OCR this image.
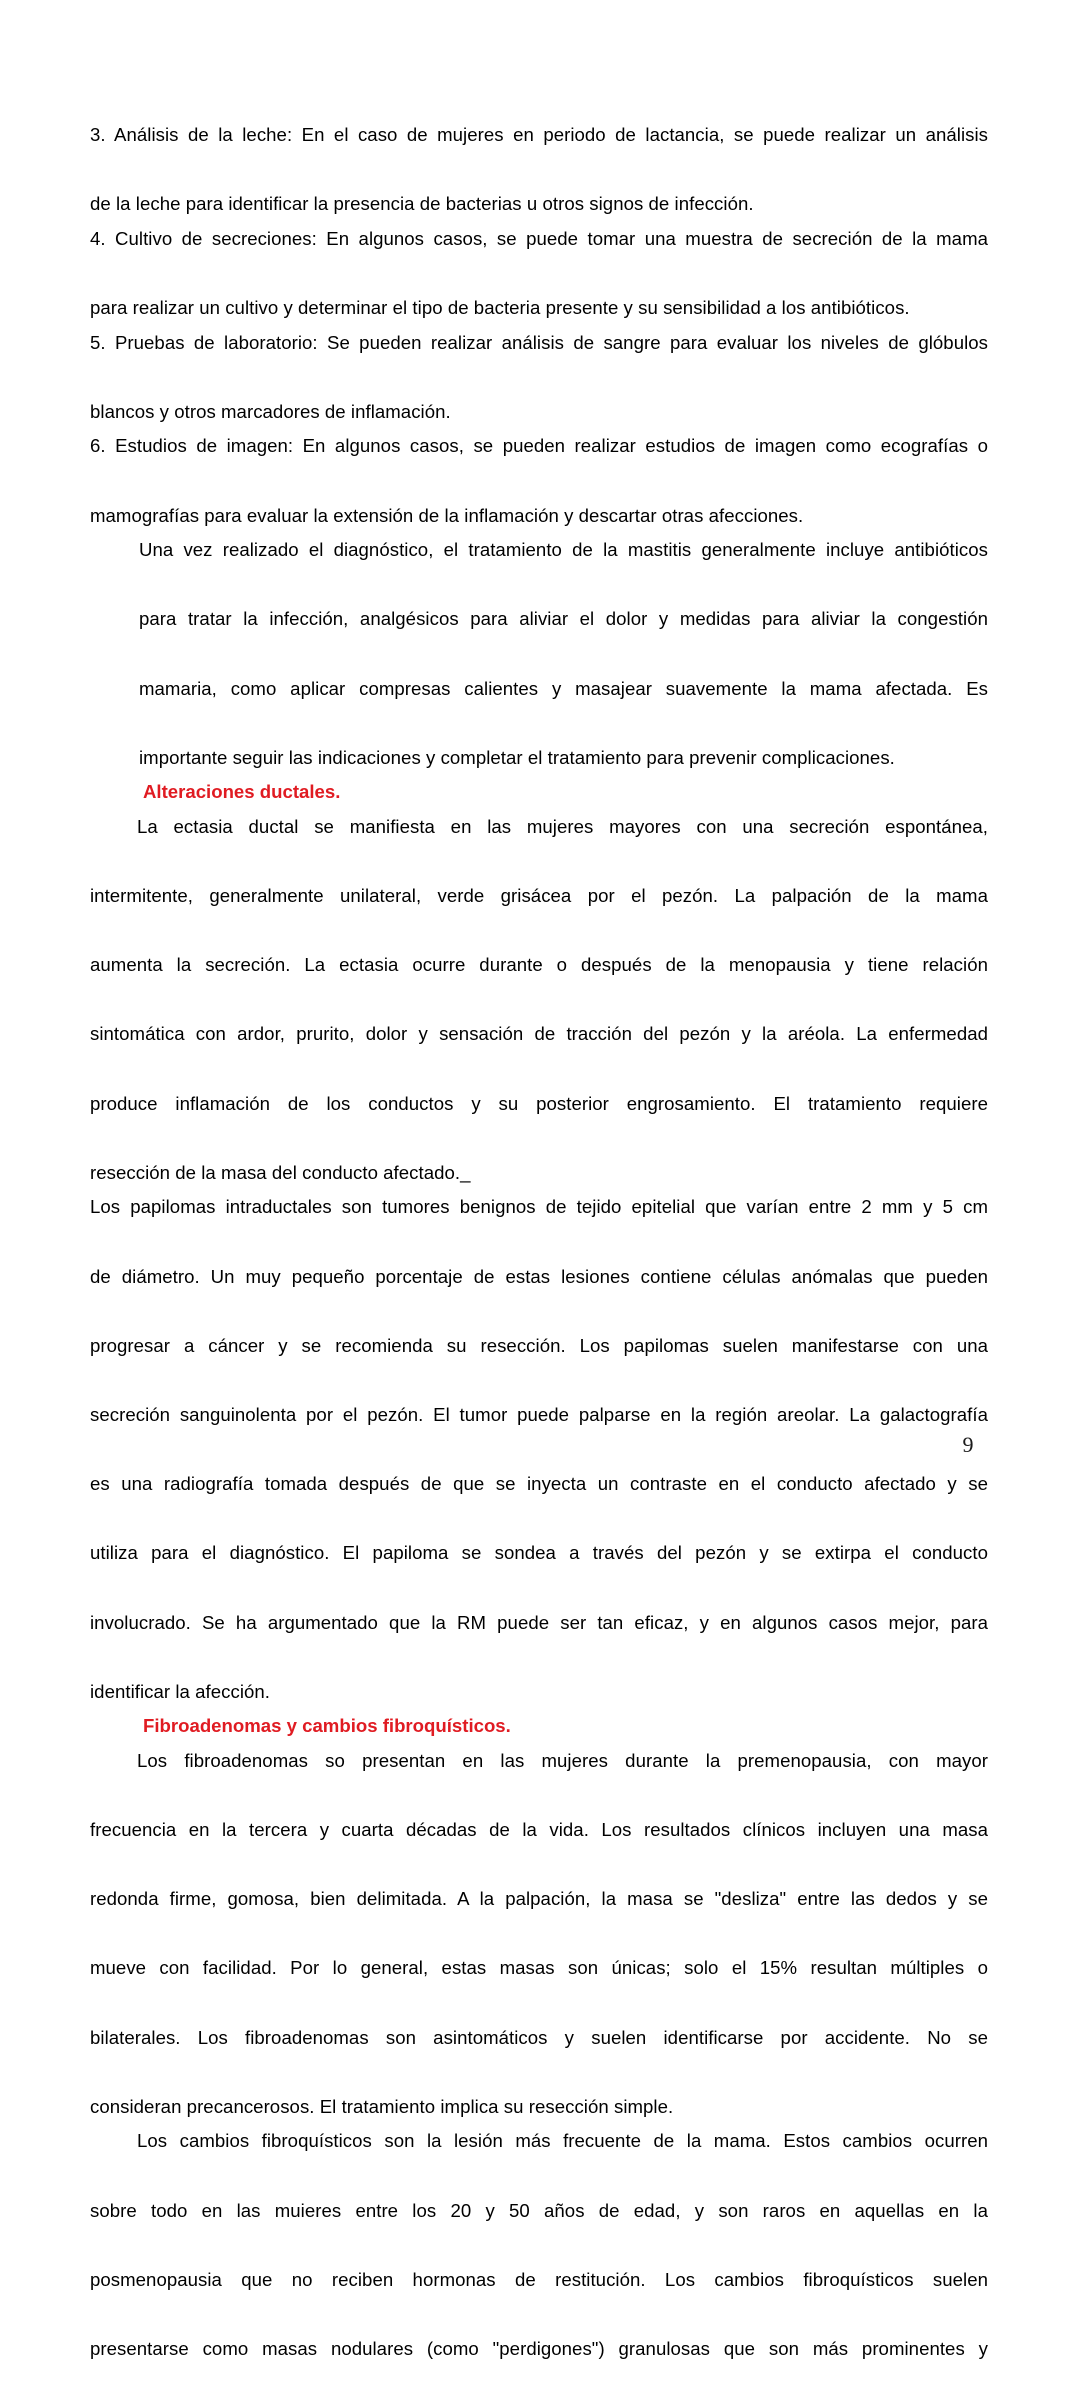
3. Análisis de la leche: En el caso de mujeres en periodo de lactancia, se puede realizar un análisis
de la leche para identificar la presencia de bacterias u otros signos de infección.

4. Cultivo de secreciones: En algunos casos, se puede tomar una muestra de secreción de la mama
para realizar un cultivo y determinar el tipo de bacteria presente y su sensibilidad a los antibióticos.

5. Pruebas de laboratorio: Se pueden realizar análisis de sangre para evaluar los niveles de glóbulos
blancos y otros marcadores de inflamación.

6. Estudios de imagen: En algunos casos, se pueden realizar estudios de imagen como ecografías o
mamografías para evaluar la extensión de la inflamación y descartar otras afecciones.

Una vez realizado el diagnóstico, el tratamiento de la mastitis generalmente incluye antibióticos
para tratar la infección, analgésicos para aliviar el dolor y medidas para aliviar la congestión
mamaria, como aplicar compresas calientes y masajear suavemente la mama afectada. Es
importante seguir las indicaciones y completar el tratamiento para prevenir complicaciones.

Alteraciones ductales.

La ectasia ductal se manifiesta en las mujeres mayores con una secreción espontánea,
intermitente, generalmente unilateral, verde grisácea por el pezón. La palpación de la mama
aumenta la secreción. La ectasia ocurre durante o después de la menopausia y tiene relación
sintomática con ardor, prurito, dolor y sensación de tracción del pezón y la aréola. La enfermedad
produce inflamación de los conductos y su posterior engrosamiento. El tratamiento requiere
resección de la masa del conducto afectado._

Los papilomas intraductales son tumores benignos de tejido epitelial que varían entre 2 mm y 5 cm
de diámetro. Un muy pequeño porcentaje de estas lesiones contiene células anómalas que pueden
progresar a cáncer y se recomienda su resección. Los papilomas suelen manifestarse con una
secreción sanguinolenta por el pezón. El tumor puede palparse en la región areolar. La galactografía
es una radiografía tomada después de que se inyecta un contraste en el conducto afectado y se
utiliza para el diagnóstico. El papiloma se sondea a través del pezón y se extirpa el conducto
involucrado. Se ha argumentado que la RM puede ser tan eficaz, y en algunos casos mejor, para
identificar la afección.

Fibroadenomas y cambios fibroquísticos.

Los fibroadenomas so presentan en las mujeres durante la premenopausia, con mayor
frecuencia en la tercera y cuarta décadas de la vida. Los resultados clínicos incluyen una masa
redonda firme, gomosa, bien delimitada. A la palpación, la masa se "desliza" entre las dedos y se
mueve con facilidad. Por lo general, estas masas son únicas; solo el 15% resultan múltiples o
bilaterales. Los fibroadenomas son asintomáticos y suelen identificarse por accidente. No se
consideran precancerosos. El tratamiento implica su resección simple.

Los cambios fibroquísticos son la lesión más frecuente de la mama. Estos cambios ocurren
sobre todo en las muieres entre los 20 y 50 años de edad, y son raros en aquellas en la
posmenopausia que no reciben hormonas de restitución. Los cambios fibroquísticos suelen
presentarse como masas nodulares (como "perdigones") granulosas que son más prominentes y

9
